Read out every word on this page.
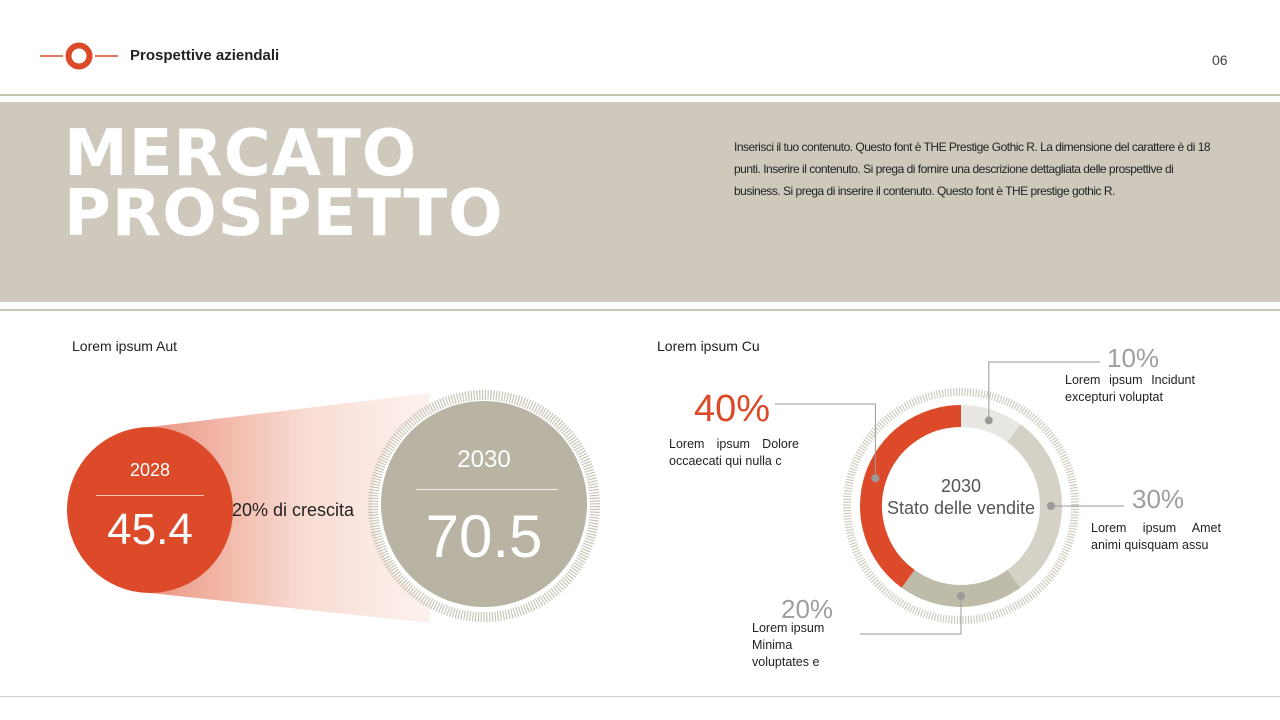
Prospettive aziendali	06
MERCATO
PROSPETTO
Inserisci il tuo contenuto. Questo font è THE Prestige Gothic R. La dimensione del carattere è di 18 punti. Inserire il contenuto. Si prega di fornire una descrizione dettagliata delle prospettive di business. Si prega di inserire il contenuto. Questo font è THE prestige gothic R.
Lorem ipsum Aut
2028
45.4
2030
70.5
20% di crescita
Lorem ipsum Cu
2030
Stato delle vendite
40%
Lorem ipsum Dolore occaecati qui nulla c
10%
Lorem ipsum Incidunt excepturi voluptat
30%
Lorem ipsum Amet animi quisquam assu
20%
Lorem ipsum Minima voluptates e
